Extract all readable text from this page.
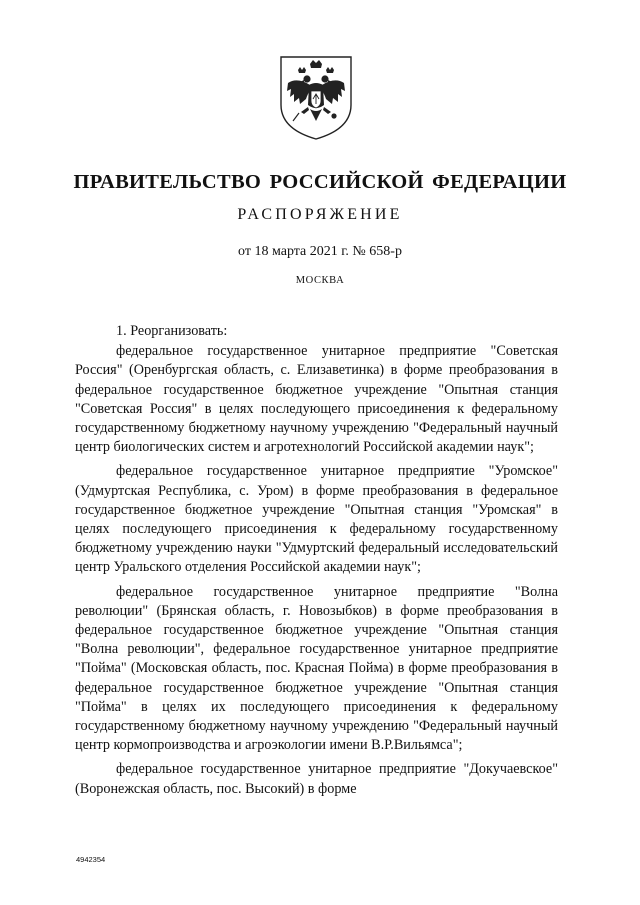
ПРАВИТЕЛЬСТВО РОССИЙСКОЙ ФЕДЕРАЦИИ
РАСПОРЯЖЕНИЕ
от 18 марта 2021 г. № 658-р
МОСКВА

1. Реорганизовать:

федеральное государственное унитарное предприятие "Советская Россия" (Оренбургская область, с. Елизаветинка) в форме преобразования в федеральное государственное бюджетное учреждение "Опытная станция "Советская Россия" в целях последующего присоединения к федеральному государственному бюджетному научному учреждению "Федеральный научный центр биологических систем и агротехнологий Российской академии наук";

федеральное государственное унитарное предприятие "Уромское" (Удмуртская Республика, с. Уром) в форме преобразования в федеральное государственное бюджетное учреждение "Опытная станция "Уромская" в целях последующего присоединения к федеральному государственному бюджетному учреждению науки "Удмуртский федеральный исследовательский центр Уральского отделения Российской академии наук";

федеральное государственное унитарное предприятие "Волна революции" (Брянская область, г. Новозыбков) в форме преобразования в федеральное государственное бюджетное учреждение "Опытная станция "Волна революции", федеральное государственное унитарное предприятие "Пойма" (Московская область, пос. Красная Пойма) в форме преобразования в федеральное государственное бюджетное учреждение "Опытная станция "Пойма" в целях их последующего присоединения к федеральному государственному бюджетному научному учреждению "Федеральный научный центр кормопроизводства и агроэкологии имени В.Р.Вильямса";

федеральное государственное унитарное предприятие "Докучаевское" (Воронежская область, пос. Высокий) в форме

4942354
